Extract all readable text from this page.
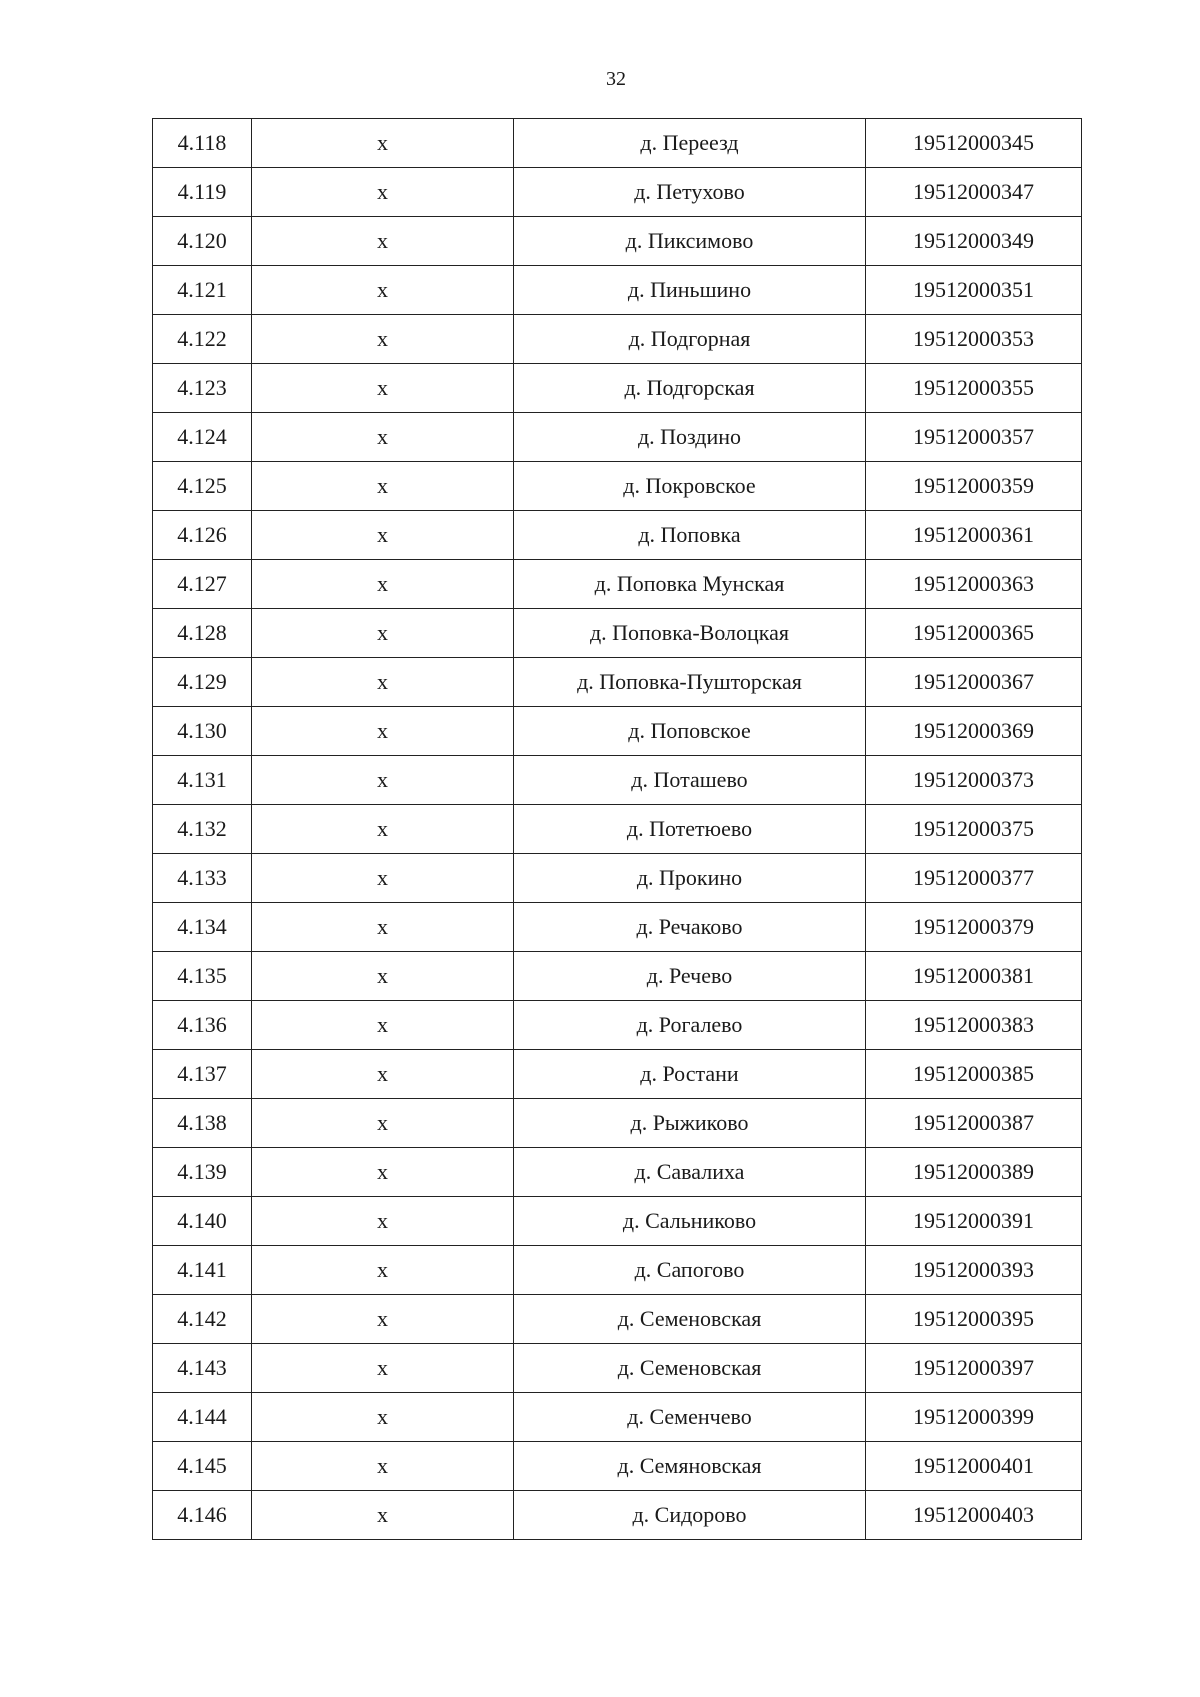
32
4.118	х	д. Переезд	19512000345
4.119	х	д. Петухово	19512000347
4.120	х	д. Пиксимово	19512000349
4.121	х	д. Пиньшино	19512000351
4.122	х	д. Подгорная	19512000353
4.123	х	д. Подгорская	19512000355
4.124	х	д. Поздино	19512000357
4.125	х	д. Покровское	19512000359
4.126	х	д. Поповка	19512000361
4.127	х	д. Поповка Мунская	19512000363
4.128	х	д. Поповка-Волоцкая	19512000365
4.129	х	д. Поповка-Пушторская	19512000367
4.130	х	д. Поповское	19512000369
4.131	х	д. Поташево	19512000373
4.132	х	д. Потетюево	19512000375
4.133	х	д. Прокино	19512000377
4.134	х	д. Речаково	19512000379
4.135	х	д. Речево	19512000381
4.136	х	д. Рогалево	19512000383
4.137	х	д. Ростани	19512000385
4.138	х	д. Рыжиково	19512000387
4.139	х	д. Савалиха	19512000389
4.140	х	д. Сальниково	19512000391
4.141	х	д. Сапогово	19512000393
4.142	х	д. Семеновская	19512000395
4.143	х	д. Семеновская	19512000397
4.144	х	д. Семенчево	19512000399
4.145	х	д. Семяновская	19512000401
4.146	х	д. Сидорово	19512000403
